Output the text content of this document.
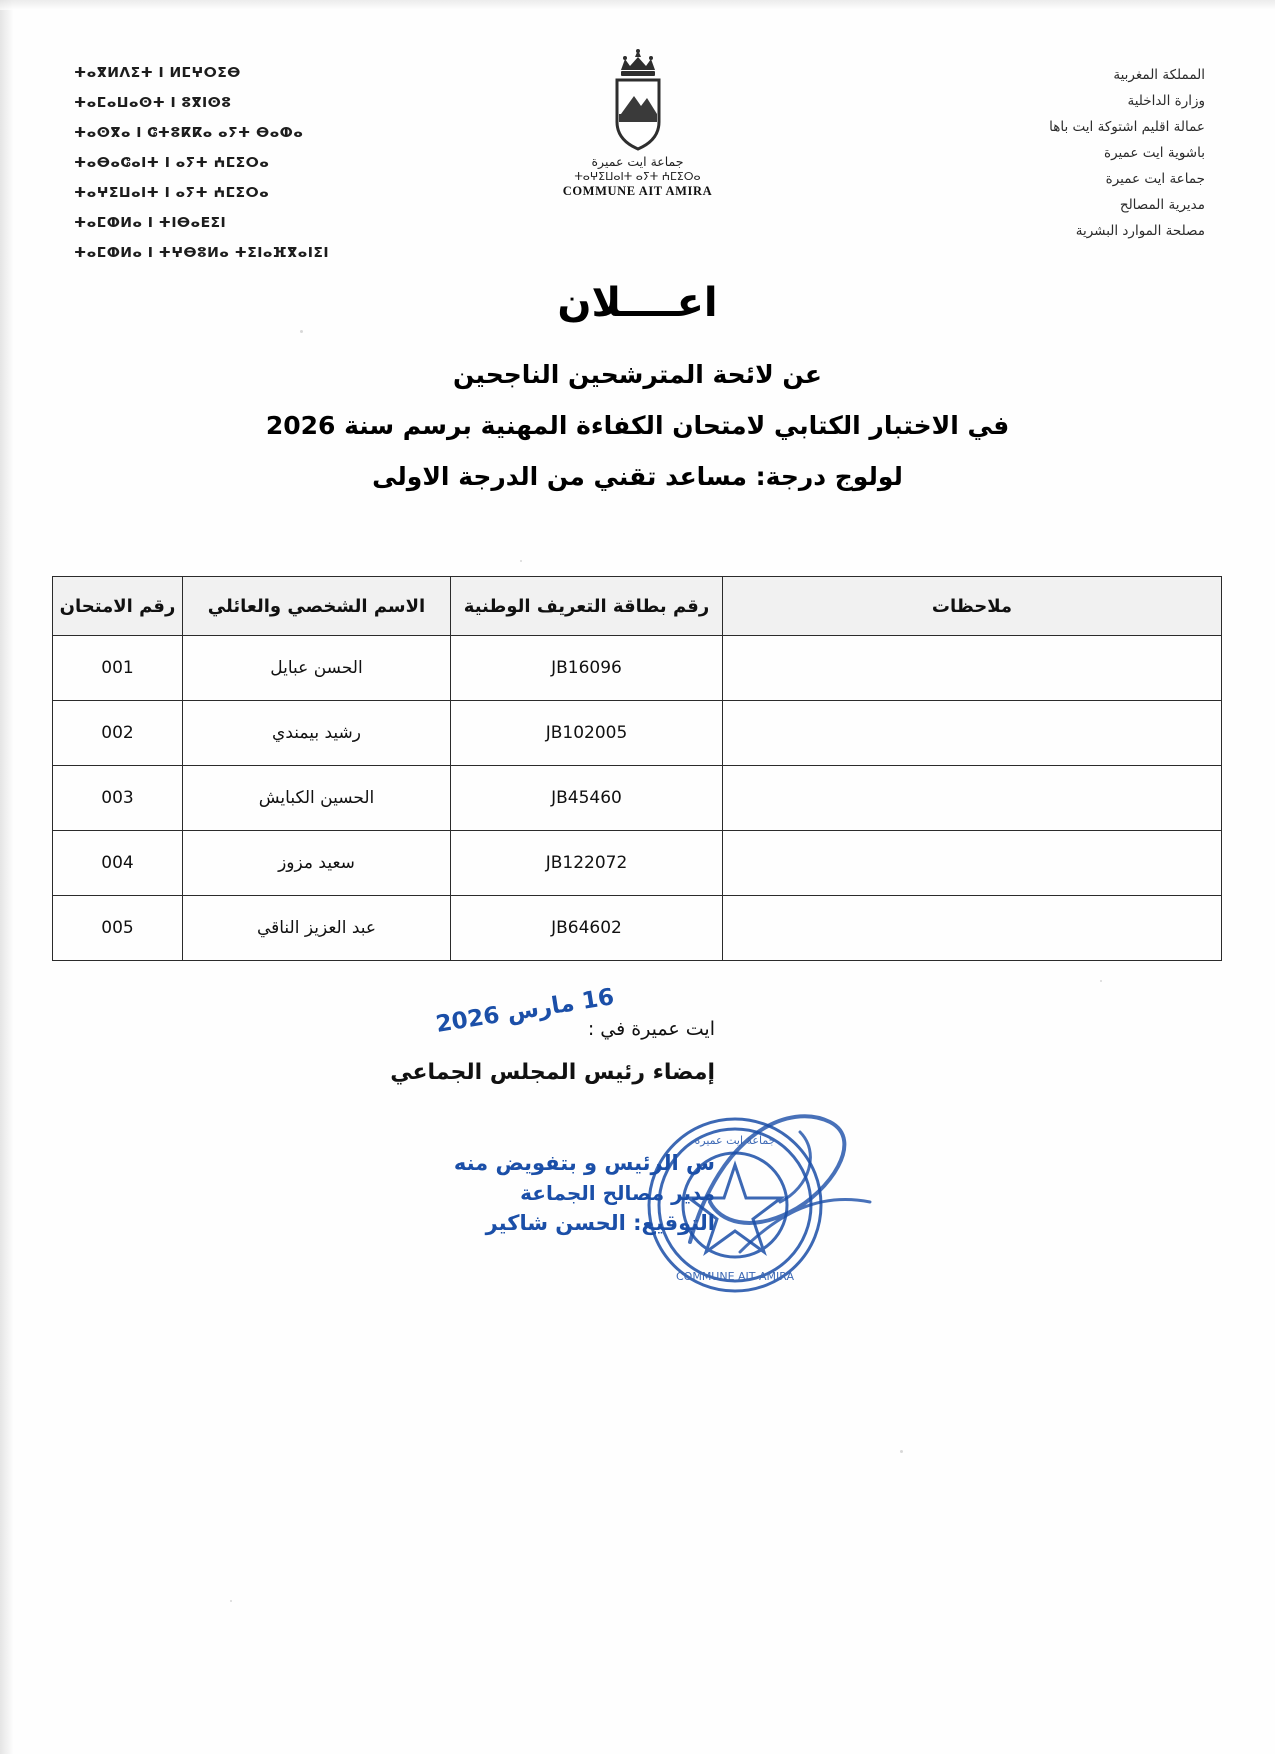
المملكة المغربية
وزارة الداخلية
عمالة اقليم اشتوكة ايت باها
باشوية ايت عميرة
جماعة ايت عميرة
مديرية المصالح
مصلحة الموارد البشرية
ⵜⴰⴳⵍⴷⵉⵜ ⵏ ⵍⵎⵖⵔⵉⴱ
ⵜⴰⵎⴰⵡⴰⵙⵜ ⵏ ⵓⴳⵏⵙⵓ
ⵜⴰⵙⴳⴰ ⵏ ⵛⵜⵓⴽⴽⴰ ⴰⵢⵜ ⴱⴰⵀⴰ
ⵜⴰⴱⴰⵛⴰⵏⵜ ⵏ ⴰⵢⵜ ⵄⵎⵉⵔⴰ
ⵜⴰⵖⵉⵡⴰⵏⵜ ⵏ ⴰⵢⵜ ⵄⵎⵉⵔⴰ
ⵜⴰⵎⵀⵍⴰ ⵏ ⵜⵏⴱⴰⴹⵉⵏ
ⵜⴰⵎⵀⵍⴰ ⵏ ⵜⵖⴱⵓⵍⴰ ⵜⵉⵏⴰⴼⴳⴰⵏⵉⵏ
جماعة ايت عميرة
ⵜⴰⵖⵉⵡⴰⵏⵜ ⴰⵢⵜ ⵄⵎⵉⵔⴰ
COMMUNE AIT AMIRA
اعــــلان
عن لائحة المترشحين الناجحين
في الاختبار الكتابي لامتحان الكفاءة المهنية برسم سنة 2026
لولوج درجة: مساعد تقني من الدرجة الاولى
ملاحظات	رقم بطاقة التعريف الوطنية	الاسم الشخصي والعائلي	رقم الامتحان
	JB16096	الحسن عبايل	001
	JB102005	رشيد بيمندي	002
	JB45460	الحسين الكبايش	003
	JB122072	سعيد مزوز	004
	JB64602	عبد العزيز الناقي	005
ايت عميرة في :
16 مارس 2026
إمضاء رئيس المجلس الجماعي
س الرئيس و بتفويض منه
مدير مصالح الجماعة
التوقيع: الحسن شاكير
جماعة ايت عميرة
COMMUNE AIT AMIRA
